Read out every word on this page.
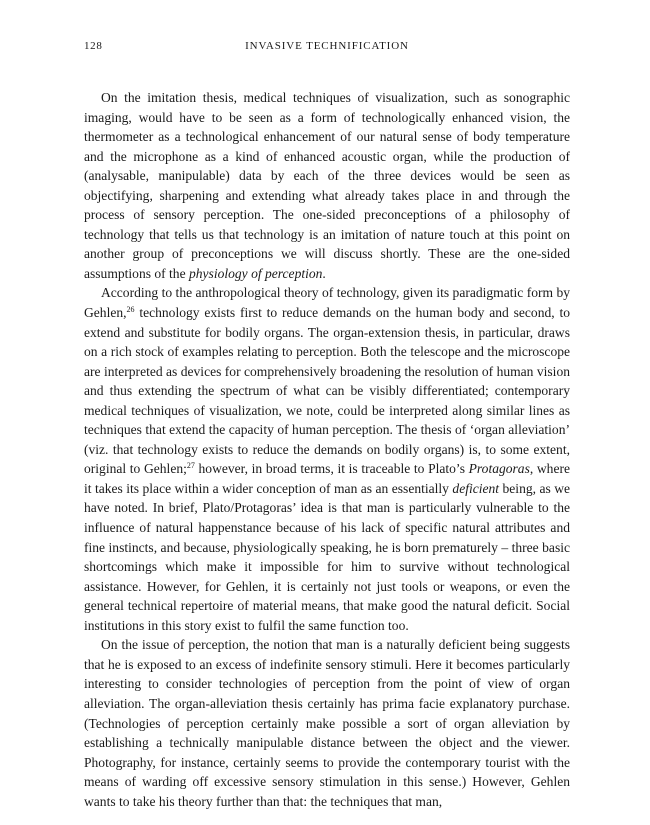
128	INVASIVE TECHNIFICATION

On the imitation thesis, medical techniques of visualization, such as sonographic imaging, would have to be seen as a form of technologically enhanced vision, the thermometer as a technological enhancement of our natural sense of body temperature and the microphone as a kind of enhanced acoustic organ, while the production of (analysable, manipulable) data by each of the three devices would be seen as objectifying, sharpening and extending what already takes place in and through the process of sensory perception. The one-sided preconceptions of a philosophy of technology that tells us that technology is an imitation of nature touch at this point on another group of preconceptions we will discuss shortly. These are the one-sided assumptions of the physiology of perception.

According to the anthropological theory of technology, given its paradigmatic form by Gehlen,$^{26}$ technology exists first to reduce demands on the human body and second, to extend and substitute for bodily organs. The organ-extension thesis, in particular, draws on a rich stock of examples relating to perception. Both the telescope and the microscope are interpreted as devices for comprehensively broadening the resolution of human vision and thus extending the spectrum of what can be visibly differentiated; contemporary medical techniques of visualization, we note, could be interpreted along similar lines as techniques that extend the capacity of human perception. The thesis of ‘organ alleviation’ (viz. that technology exists to reduce the demands on bodily organs) is, to some extent, original to Gehlen;$^{27}$ however, in broad terms, it is traceable to Plato’s Protagoras, where it takes its place within a wider conception of man as an essentially deficient being, as we have noted. In brief, Plato/Protagoras’ idea is that man is particularly vulnerable to the influence of natural happenstance because of his lack of specific natural attributes and fine instincts, and because, physiologically speaking, he is born prematurely – three basic shortcomings which make it impossible for him to survive without technological assistance. However, for Gehlen, it is certainly not just tools or weapons, or even the general technical repertoire of material means, that make good the natural deficit. Social institutions in this story exist to fulfil the same function too.

On the issue of perception, the notion that man is a naturally deficient being suggests that he is exposed to an excess of indefinite sensory stimuli. Here it becomes particularly interesting to consider technologies of perception from the point of view of organ alleviation. The organ-alleviation thesis certainly has prima facie explanatory purchase. (Technologies of perception certainly make possible a sort of organ alleviation by establishing a technically manipulable distance between the object and the viewer. Photography, for instance, certainly seems to provide the contemporary tourist with the means of warding off excessive sensory stimulation in this sense.) However, Gehlen wants to take his theory further than that: the techniques that man,
